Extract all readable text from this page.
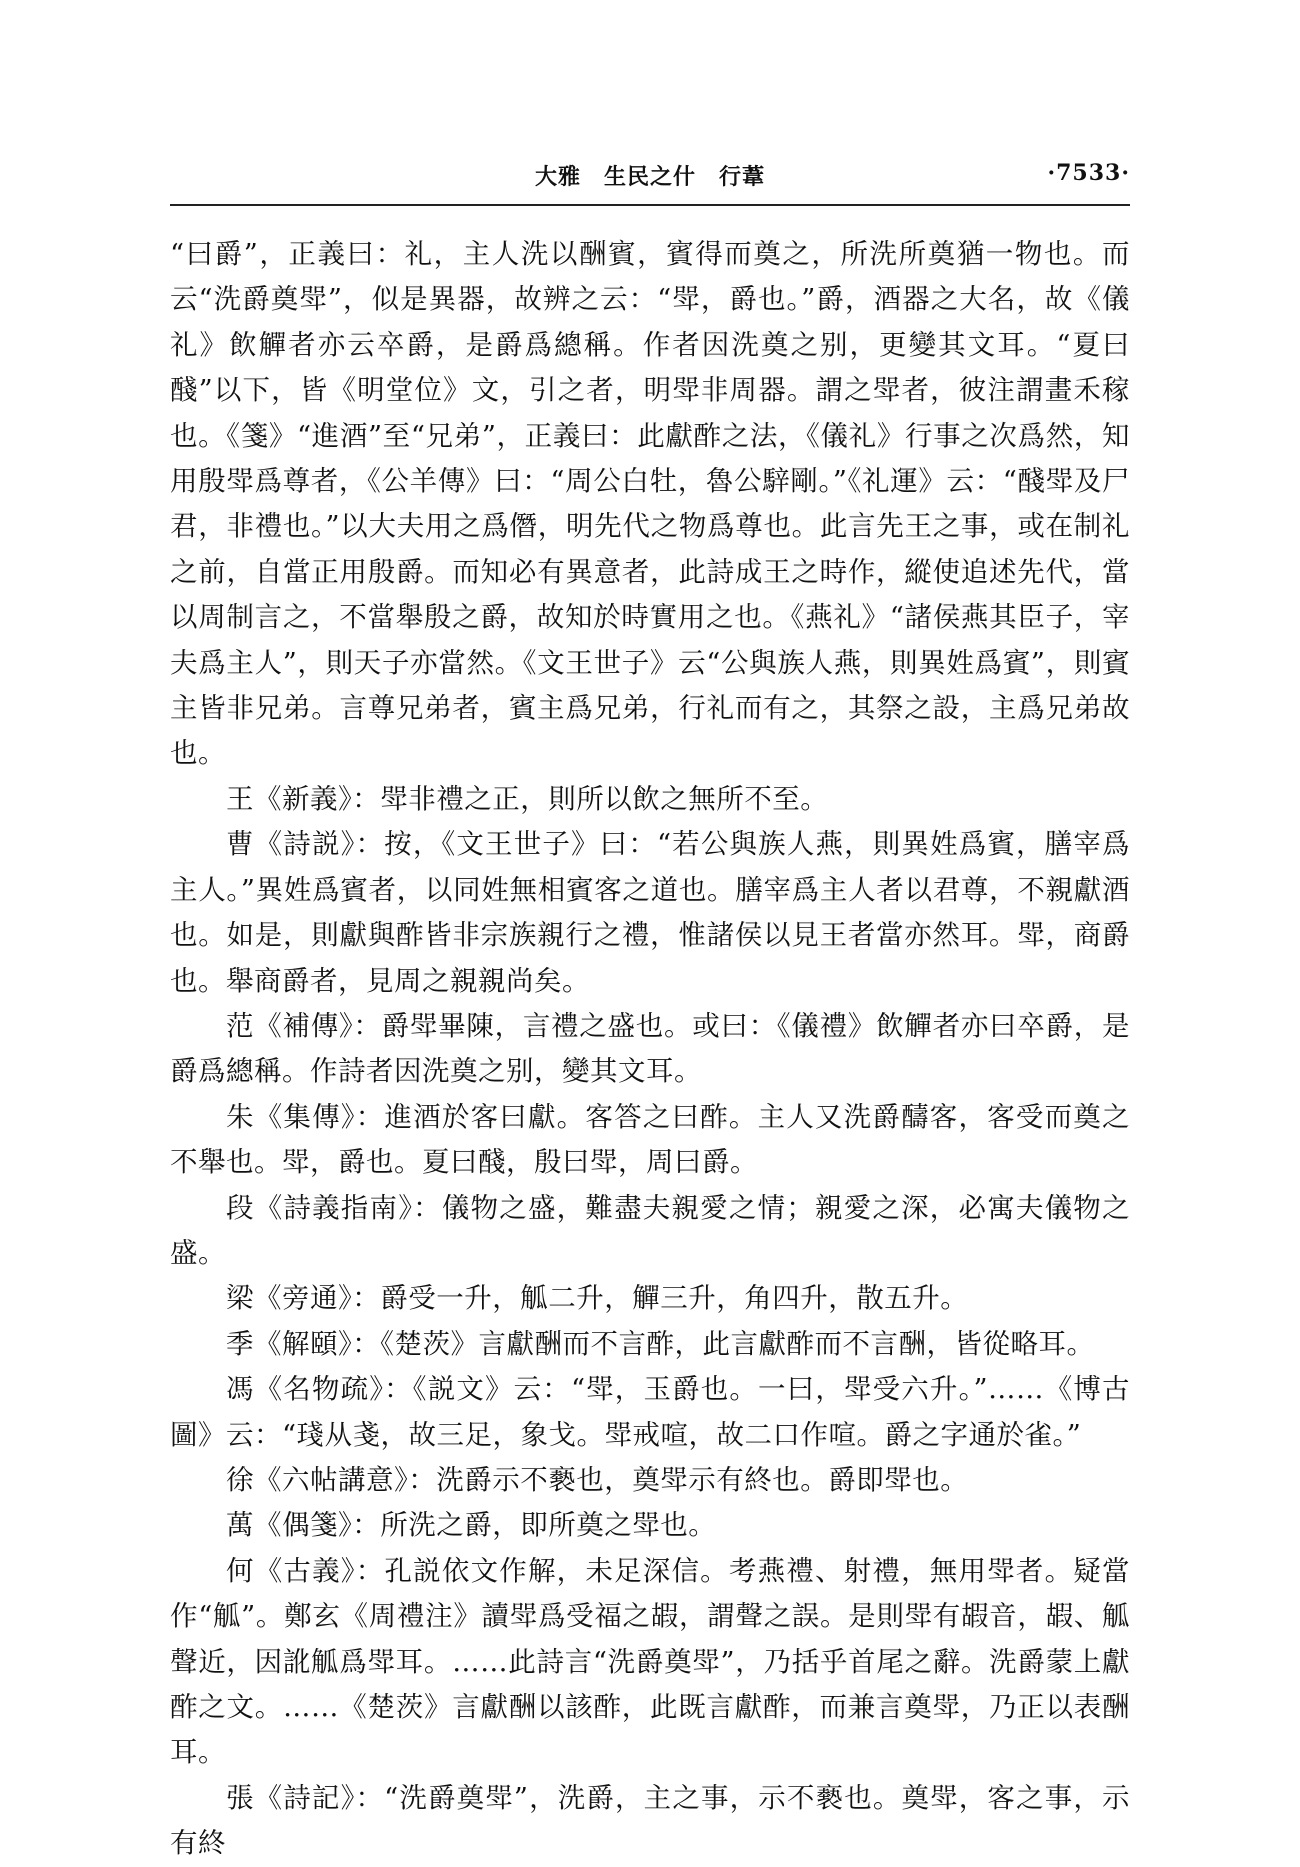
大雅　生民之什　行葦	·7533·

“曰爵”，正義曰：礼，主人洗以酬賓，賓得而奠之，所洗所奠猶一物也。而云“洗爵奠斝”，似是異器，故辨之云：“斝，爵也。”爵，酒器之大名，故《儀礼》飲觶者亦云卒爵，是爵爲總稱。作者因洗奠之别，更變其文耳。“夏曰醆”以下，皆《明堂位》文，引之者，明斝非周器。謂之斝者，彼注謂畫禾稼也。《箋》“進酒”至“兄弟”，正義曰：此獻酢之法，《儀礼》行事之次爲然，知用殷斝爲尊者，《公羊傳》曰：“周公白牡，魯公騂剛。”《礼運》云：“醆斝及尸君，非禮也。”以大夫用之爲僭，明先代之物爲尊也。此言先王之事，或在制礼之前，自當正用殷爵。而知必有異意者，此詩成王之時作，縱使追述先代，當以周制言之，不當舉殷之爵，故知於時實用之也。《燕礼》“諸侯燕其臣子，宰夫爲主人”，則天子亦當然。《文王世子》云“公與族人燕，則異姓爲賓”，則賓主皆非兄弟。言尊兄弟者，賓主爲兄弟，行礼而有之，其祭之設，主爲兄弟故也。

王《新義》：斝非禮之正，則所以飲之無所不至。

曹《詩説》：按，《文王世子》曰：“若公與族人燕，則異姓爲賓，膳宰爲主人。”異姓爲賓者，以同姓無相賓客之道也。膳宰爲主人者以君尊，不親獻酒也。如是，則獻與酢皆非宗族親行之禮，惟諸侯以見王者當亦然耳。斝，商爵也。舉商爵者，見周之親親尚矣。

范《補傳》：爵斝畢陳，言禮之盛也。或曰：《儀禮》飲觶者亦曰卒爵，是爵爲總稱。作詩者因洗奠之别，變其文耳。

朱《集傳》：進酒於客曰獻。客答之曰酢。主人又洗爵醻客，客受而奠之不舉也。斝，爵也。夏曰醆，殷曰斝，周曰爵。

段《詩義指南》：儀物之盛，難盡夫親愛之情；親愛之深，必寓夫儀物之盛。

梁《旁通》：爵受一升，觚二升，觶三升，角四升，散五升。

季《解頤》：《楚茨》言獻酬而不言酢，此言獻酢而不言酬，皆從略耳。

馮《名物疏》：《説文》云：“斝，玉爵也。一曰，斝受六升。”……《博古圖》云：“琖从戔，故三足，象戈。斝戒喧，故二口作喧。爵之字通於雀。”

徐《六帖講意》：洗爵示不褻也，奠斝示有終也。爵即斝也。

萬《偶箋》：所洗之爵，即所奠之斝也。

何《古義》：孔説依文作解，未足深信。考燕禮、射禮，無用斝者。疑當作“觚”。鄭玄《周禮注》讀斝爲受福之嘏，謂聲之誤。是則斝有嘏音，嘏、觚聲近，因訛觚爲斝耳。……此詩言“洗爵奠斝”，乃括乎首尾之辭。洗爵蒙上獻酢之文。……《楚茨》言獻酬以該酢，此既言獻酢，而兼言奠斝，乃正以表酬耳。

張《詩記》：“洗爵奠斝”，洗爵，主之事，示不褻也。奠斝，客之事，示有終
